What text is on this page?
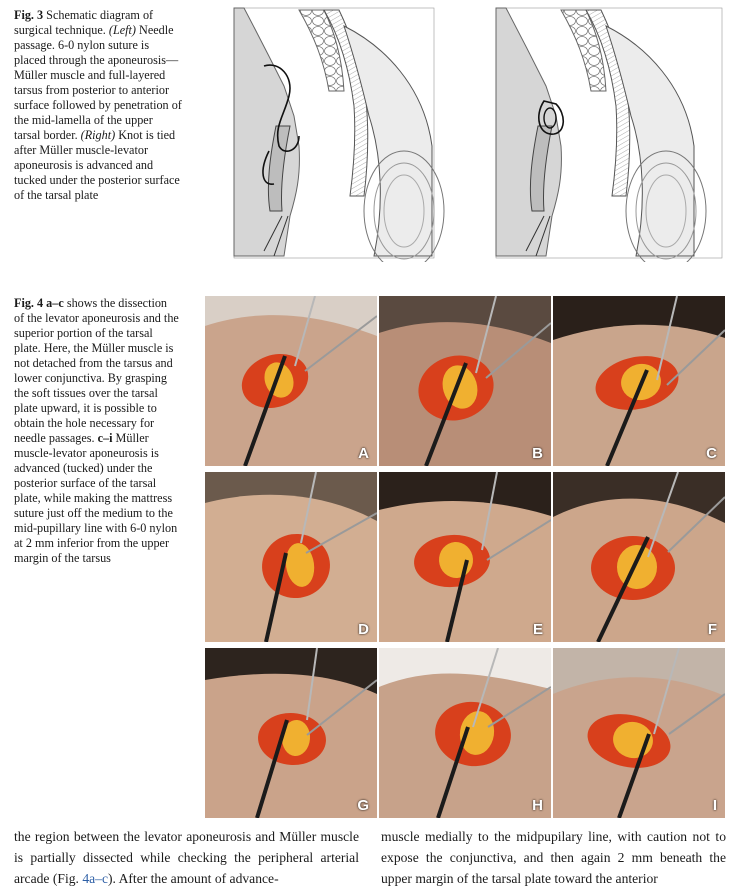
Fig. 3 Schematic diagram of surgical technique. (Left) Needle passage. 6-0 nylon suture is placed through the aponeurosis—Müller muscle and full-layered tarsus from posterior to anterior surface followed by penetration of the mid-lamella of the upper tarsal border. (Right) Knot is tied after Müller muscle-levator aponeurosis is advanced and tucked under the posterior surface of the tarsal plate
Fig. 4 a–c shows the dissection of the levator aponeurosis and the superior portion of the tarsal plate. Here, the Müller muscle is not detached from the tarsus and lower conjunctiva. By grasping the soft tissues over the tarsal plate upward, it is possible to obtain the hole necessary for needle passages. c–i Müller muscle-levator aponeurosis is advanced (tucked) under the posterior surface of the tarsal plate, while making the mattress suture just off the medium to the mid-pupillary line with 6-0 nylon at 2 mm inferior from the upper margin of the tarsus
A	B	C
D	E	F
G	H	I
the region between the levator aponeurosis and Müller muscle is partially dissected while checking the peripheral arterial arcade (Fig. 4a–c). After the amount of advance-
muscle medially to the midpupilary line, with caution not to expose the conjunctiva, and then again 2 mm beneath the upper margin of the tarsal plate toward the anterior
